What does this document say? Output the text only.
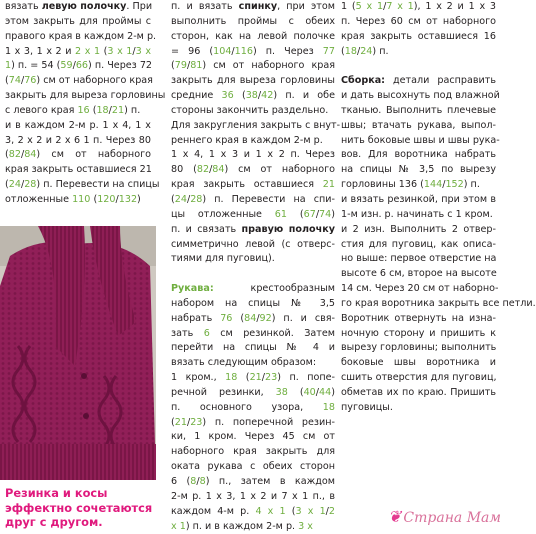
вязать левую полочку. При
этом закрыть для проймы с
правого края в каждом 2-м р.
1 х 3, 1 х 2 и 2 х 1 (3 х 1/3 х
1) п. = 54 (59/66) п. Через 72
(74/76) см от наборного края
закрыть для выреза горловины
с левого края 16 (18/21) п.
и в каждом 2-м р. 1 х 4, 1 х
3, 2 х 2 и 2 х 6 1 п. Через 80
(82/84) см от наборного
края закрыть оставшиеся 21
(24/28) п. Перевести на спицы
отложенные 110 (120/132)
п. и вязать спинку, при этом
выполнить проймы с обеих
сторон, как на левой полочке
= 96 (104/116) п. Через 77
(79/81) см от наборного края
закрыть для выреза горловины
средние 36 (38/42) п. и обе
стороны закончить раздельно.
Для закругления закрыть с внут-
реннего края в каждом 2-м р.
1 х 4, 1 х 3 и 1 х 2 п. Через
80 (82/84) см от наборного
края закрыть оставшиеся 21
(24/28) п. Перевести на спи-
цы отложенные 61 (67/74)
п. и связать правую полочку
симметрично левой (с отверс-
тиями для пуговиц).

Рукава: крестообразным
набором на спицы № 3,5
набрать 76 (84/92) п. и свя-
зать 6 см резинкой. Затем
перейти на спицы № 4 и
вязать следующим образом:
1 кром., 18 (21/23) п. попе-
речной резинки, 38 (40/44)
п. основного узора, 18
(21/23) п. поперечной резин-
ки, 1 кром. Через 45 см от
наборного края закрыть для
оката рукава с обеих сторон
6 (8/8) п., затем в каждом
2-м р. 1 х 3, 1 х 2 и 7 х 1 п., в
каждом 4-м р. 4 х 1 (3 х 1/2
х 1) п. и в каждом 2-м р. 3 х
1 (5 х 1/7 х 1), 1 х 2 и 1 х 3
п. Через 60 см от наборного
края закрыть оставшиеся 16
(18/24) п.

Сборка: детали расправить
и дать высохнуть под влажной
тканью. Выполнить плечевые
швы; втачать рукава, выпол-
нить боковые швы и швы рука-
вов. Для воротника набрать
на спицы № 3,5 по вырезу
горловины 136 (144/152) п.
и вязать резинкой, при этом в
1-м изн. р. начинать с 1 кром.
и 2 изн. Выполнить 2 отвер-
стия для пуговиц, как описа-
но выше: первое отверстие на
высоте 6 см, второе на высоте
14 см. Через 20 см от наборно-
го края воротника закрыть все петли.
Воротник отвернуть на изна-
ночную сторону и пришить к
вырезу горловины; выполнить
боковые швы воротника и
сшить отверстия для пуговиц,
обметав их по краю. Пришить
пуговицы.
Резинка и косы
эффектно сочетаются
друг с другом.	❦ Страна Мам
